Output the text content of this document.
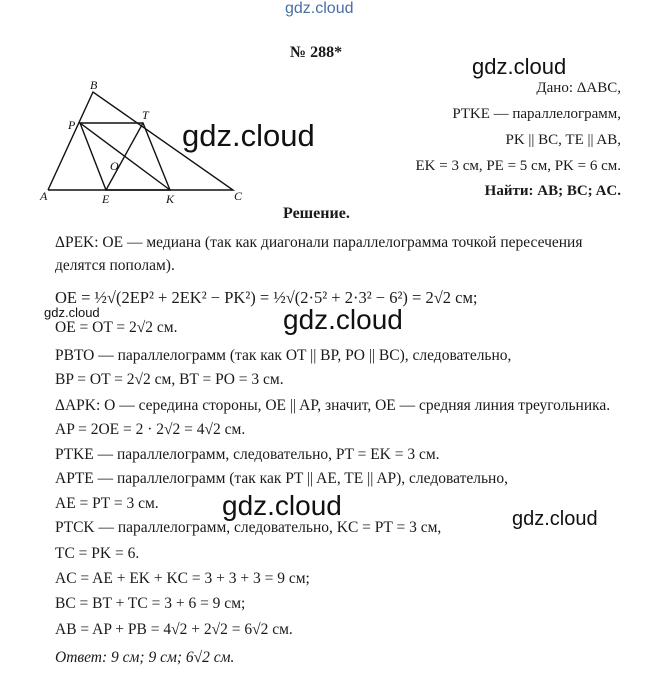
gdz.cloud
gdz.cloud
№ 288*
B
P
T
O
A	E	K	C
gdz.cloud
Дано: ΔABC,
PTKE — параллелограмм,
PK || BC, TE || AB,
EK = 3 см, PE = 5 см, PK = 6 см.
Найти: AB; BC; AC.
Решение.
ΔPEK: OE — медиана (так как диагонали параллелограмма точкой пересечения
делятся пополам).
OE = ½√(2EP² + 2EK² − PK²) = ½√(2·5² + 2·3² − 6²) = 2√2 см;
gdz.cloud	gdz.cloud
OE = OT = 2√2 см.
PBTO — параллелограмм (так как OT || BP, PO || BC), следовательно,
BP = OT = 2√2 см, BT = PO = 3 см.
ΔAPK: O — середина стороны, OE || AP, значит, OE — средняя линия треугольника.
AP = 2OE = 2 · 2√2 = 4√2 см.
PTKE — параллелограмм, следовательно, PT = EK = 3 см.
APTE — параллелограмм (так как PT || AE, TE || AP), следовательно,
gdz.cloud
AE = PT = 3 см.
gdz.cloud
PTCK — параллелограмм, следовательно, KC = PT = 3 см,
TC = PK = 6.
AC = AE + EK + KC = 3 + 3 + 3 = 9 см;
BC = BT + TC = 3 + 6 = 9 см;
AB = AP + PB = 4√2 + 2√2 = 6√2 см.
Ответ: 9 см; 9 см; 6√2 см.
